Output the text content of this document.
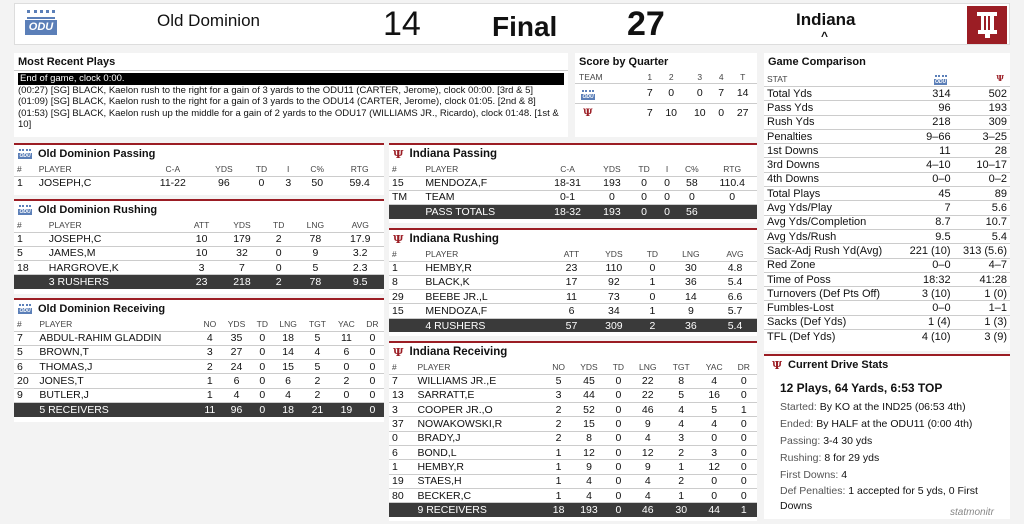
ODU	Old Dominion	14	Final 27	Indiana
^
Most Recent Plays
End of game, clock 0:00.
(00:27) [SG] BLACK, Kaelon rush to the right for a gain of 3 yards to the ODU11 (CARTER, Jerome), clock 00:00. [3rd & 5]
(01:09) [SG] BLACK, Kaelon rush to the right for a gain of 3 yards to the ODU14 (CARTER, Jerome), clock 01:05. [2nd & 8]
(01:53) [SG] BLACK, Kaelon rush up the middle for a gain of 2 yards to the ODU17 (WILLIAMS JR., Ricardo), clock 01:48. [1st & 10]
Score by Quarter
TEAM	1	2	3	4	T

ODU	7	0	0	7	14
Ψ	7	10	10	0	27
Game Comparison
STAT	ODU	Ψ
Total Yds	314	502
Pass Yds	96	193
Rush Yds	218	309
Penalties	9–66	3–25
1st Downs	11	28
3rd Downs	4–10	10–17
4th Downs	0–0	0–2
Total Plays	45	89
Avg Yds/Play	7	5.6
Avg Yds/Completion	8.7	10.7
Avg Yds/Rush	9.5	5.4
Sack-Adj Rush Yd(Avg)	221 (10)	313 (5.6)
Red Zone	0–0	4–7
Time of Poss	18:32	41:28
Turnovers (Def Pts Off)	3 (10)	1 (0)
Fumbles-Lost	0–0	1–1
Sacks (Def Yds)	1 (4)	1 (3)
TFL (Def Yds)	4 (10)	3 (9)
Ψ Current Drive Stats
12 Plays, 64 Yards, 6:53 TOP
Started: By KO at the IND25 (06:53 4th)
Ended: By HALF at the ODU11 (0:00 4th)
Passing: 3-4 30 yds
Rushing: 8 for 29 yds
First Downs: 4
Def Penalties: 1 accepted for 5 yds, 0 First Downs
ODU Old Dominion Passing
#	PLAYER	C-A	YDS	TD	I	C%	RTG
1	JOSEPH,C	11-22	96	0	3	50	59.4
ODU Old Dominion Rushing
#	PLAYER	ATT	YDS	TD	LNG	AVG
1	JOSEPH,C	10	179	2	78	17.9
5	JAMES,M	10	32	0	9	3.2
18	HARGROVE,K	3	7	0	5	2.3
	3 RUSHERS	23	218	2	78	9.5
ODU Old Dominion Receiving
#	PLAYER	NO	YDS	TD	LNG	TGT	YAC	DR
7	ABDUL-RAHIM GLADDIN	4	35	0	18	5	11	0
5	BROWN,T	3	27	0	14	4	6	0
6	THOMAS,J	2	24	0	15	5	0	0
20	JONES,T	1	6	0	6	2	2	0
9	BUTLER,J	1	4	0	4	2	0	0
	5 RECEIVERS	11	96	0	18	21	19	0
Ψ Indiana Passing
#	PLAYER	C-A	YDS	TD	I	C%	RTG
15	MENDOZA,F	18-31	193	0	0	58	110.4
TM	TEAM	0-1	0	0	0	0	0
	PASS TOTALS	18-32	193	0	0	56	
Ψ Indiana Rushing
#	PLAYER	ATT	YDS	TD	LNG	AVG
1	HEMBY,R	23	110	0	30	4.8
8	BLACK,K	17	92	1	36	5.4
29	BEEBE JR.,L	11	73	0	14	6.6
15	MENDOZA,F	6	34	1	9	5.7
	4 RUSHERS	57	309	2	36	5.4
Ψ Indiana Receiving
#	PLAYER	NO	YDS	TD	LNG	TGT	YAC	DR
7	WILLIAMS JR.,E	5	45	0	22	8	4	0
13	SARRATT,E	3	44	0	22	5	16	0
3	COOPER JR.,O	2	52	0	46	4	5	1
37	NOWAKOWSKI,R	2	15	0	9	4	4	0
0	BRADY,J	2	8	0	4	3	0	0
6	BOND,L	1	12	0	12	2	3	0
1	HEMBY,R	1	9	0	9	1	12	0
19	STAES,H	1	4	0	4	2	0	0
80	BECKER,C	1	4	0	4	1	0	0
	9 RECEIVERS	18	193	0	46	30	44	1	statmonitr
